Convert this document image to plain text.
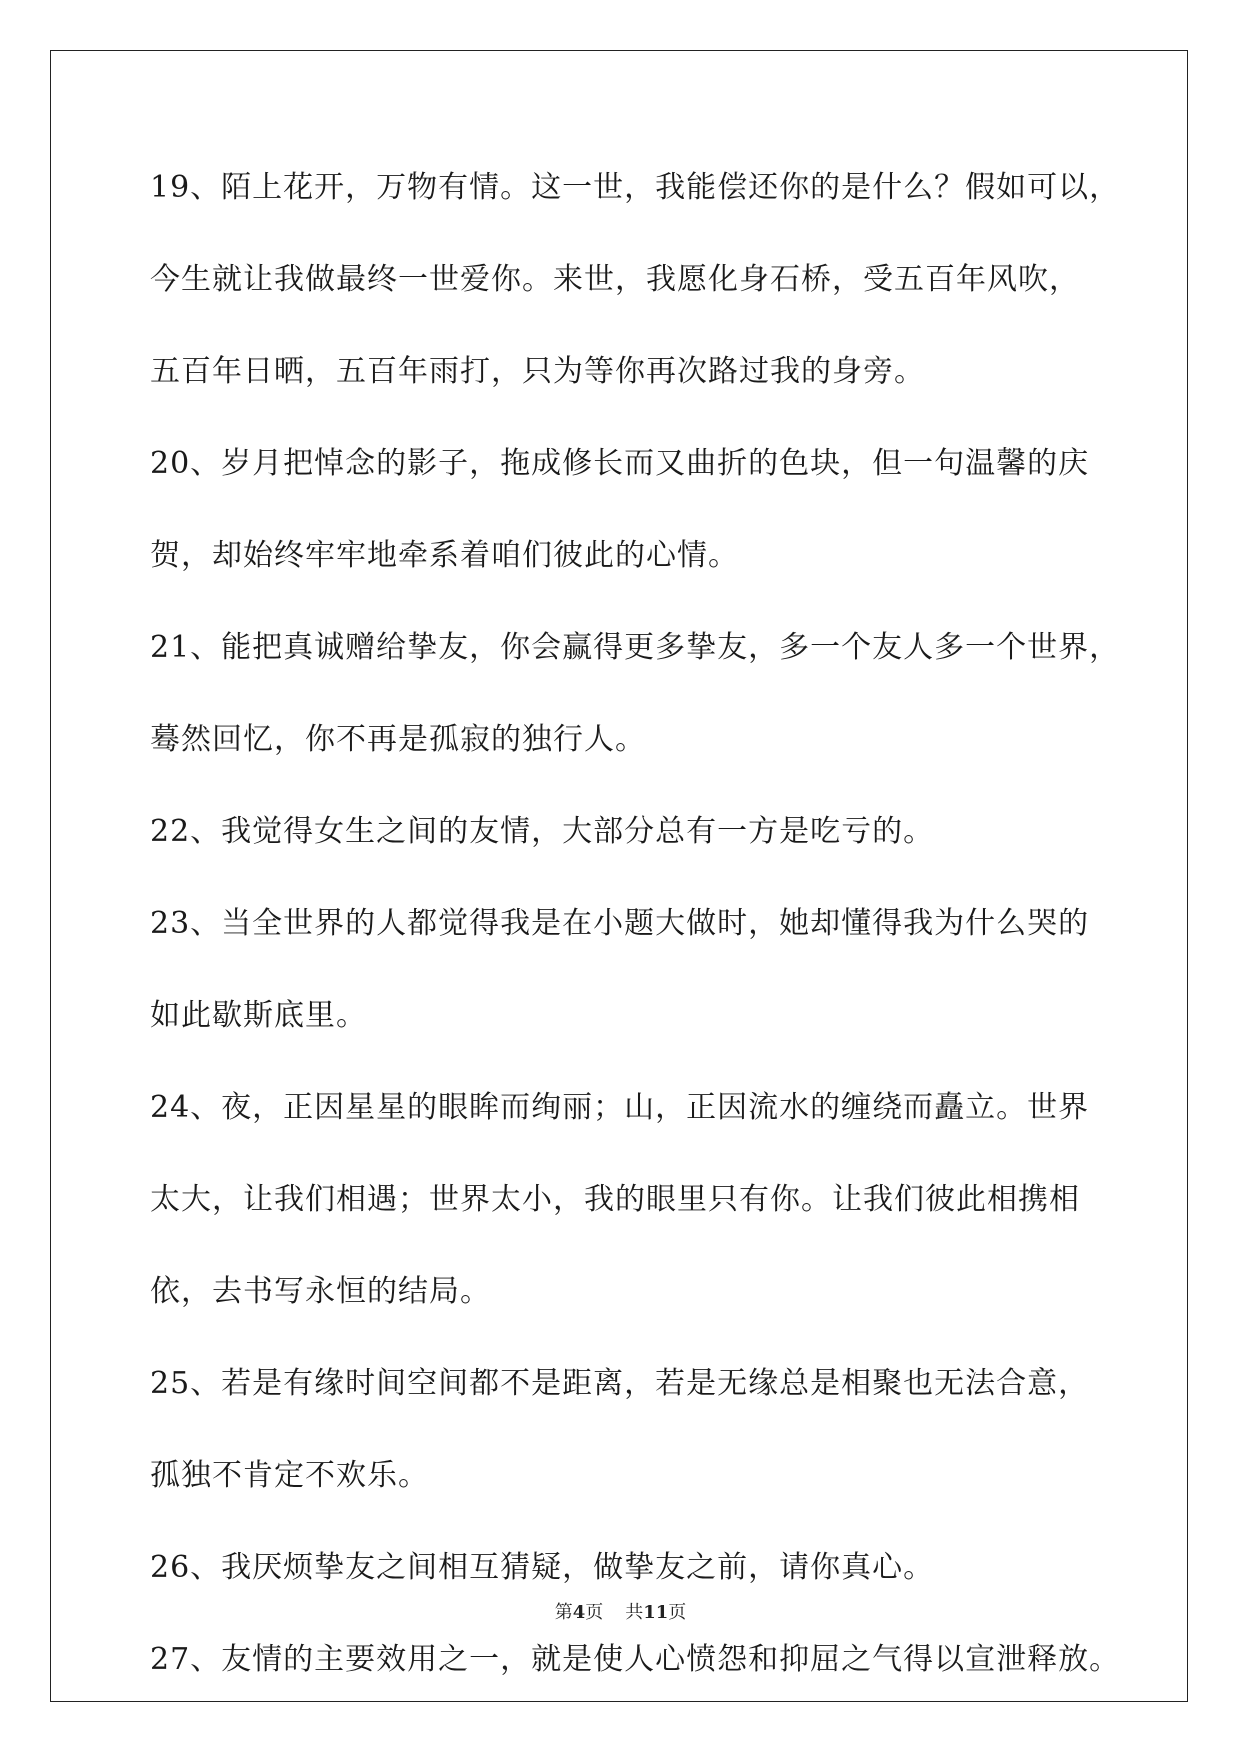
19、陌上花开，万物有情。这一世，我能偿还你的是什么？假如可以，
今生就让我做最终一世爱你。来世，我愿化身石桥，受五百年风吹，
五百年日晒，五百年雨打，只为等你再次路过我的身旁。
20、岁月把悼念的影子，拖成修长而又曲折的色块，但一句温馨的庆
贺，却始终牢牢地牵系着咱们彼此的心情。
21、能把真诚赠给挚友，你会赢得更多挚友，多一个友人多一个世界，
蓦然回忆，你不再是孤寂的独行人。
22、我觉得女生之间的友情，大部分总有一方是吃亏的。
23、当全世界的人都觉得我是在小题大做时，她却懂得我为什么哭的
如此歇斯底里。
24、夜，正因星星的眼眸而绚丽；山，正因流水的缠绕而矗立。世界
太大，让我们相遇；世界太小，我的眼里只有你。让我们彼此相携相
依，去书写永恒的结局。
25、若是有缘时间空间都不是距离，若是无缘总是相聚也无法合意，
孤独不肯定不欢乐。
26、我厌烦挚友之间相互猜疑，做挚友之前，请你真心。
27、友情的主要效用之一，就是使人心愤怨和抑屈之气得以宣泄释放。
第4页 共11页
